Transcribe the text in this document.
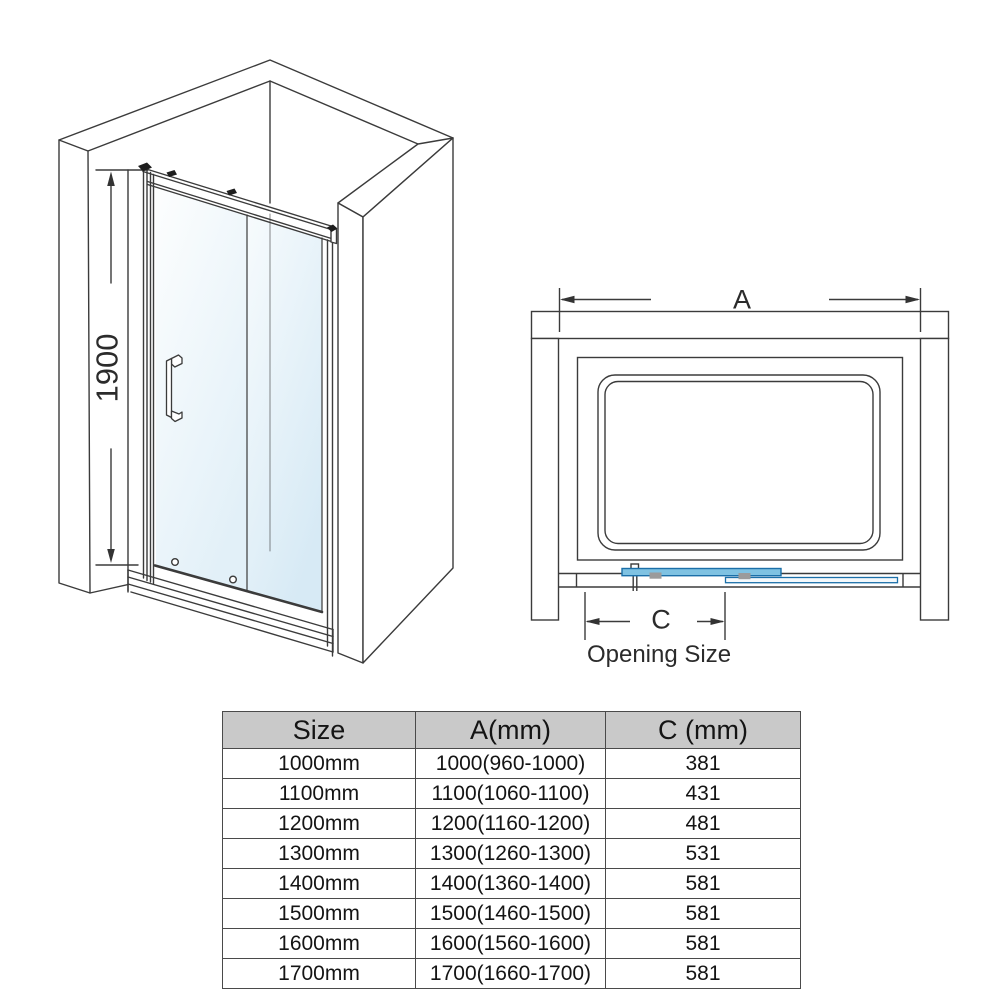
1900
A
C
Opening Size
Size	A(mm)	C (mm)
1000mm	1000(960-1000)	381
1100mm	1100(1060-1100)	431
1200mm	1200(1160-1200)	481
1300mm	1300(1260-1300)	531
1400mm	1400(1360-1400)	581
1500mm	1500(1460-1500)	581
1600mm	1600(1560-1600)	581
1700mm	1700(1660-1700)	581
